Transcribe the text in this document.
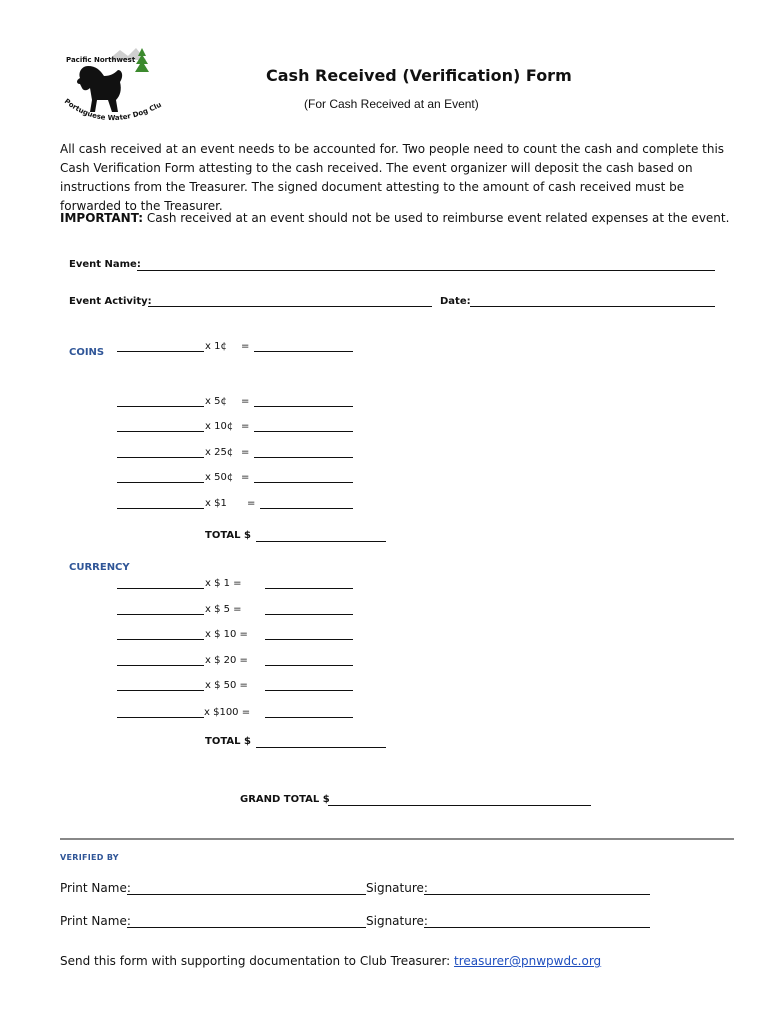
Pacific Northwest
Portuguese Water Dog Clu
Cash Received (Verification) Form
(For Cash Received at an Event)
All cash received at an event needs to be accounted for. Two people need to count the cash and complete this Cash Verification Form attesting to the cash received. The event organizer will deposit the cash based on instructions from the Treasurer. The signed document attesting to the amount of cash received must be forwarded to the Treasurer.
IMPORTANT: Cash received at an event should not be used to reimburse event related expenses at the event.
Event Name:
Event Activity:	Date:
COINS
x 1¢ =
x 5¢ =
x 10¢ =
x 25¢ =
x 50¢ =
x $1 =
TOTAL $
CURRENCY
x $ 1 =
x $ 5 =
x $ 10 =
x $ 20 =
x $ 50 =
x $100 =
TOTAL $
GRAND TOTAL $
VERIFIED BY
Print Name:	Signature:
Print Name:	Signature:
Send this form with supporting documentation to Club Treasurer: treasurer@pnwpwdc.org
